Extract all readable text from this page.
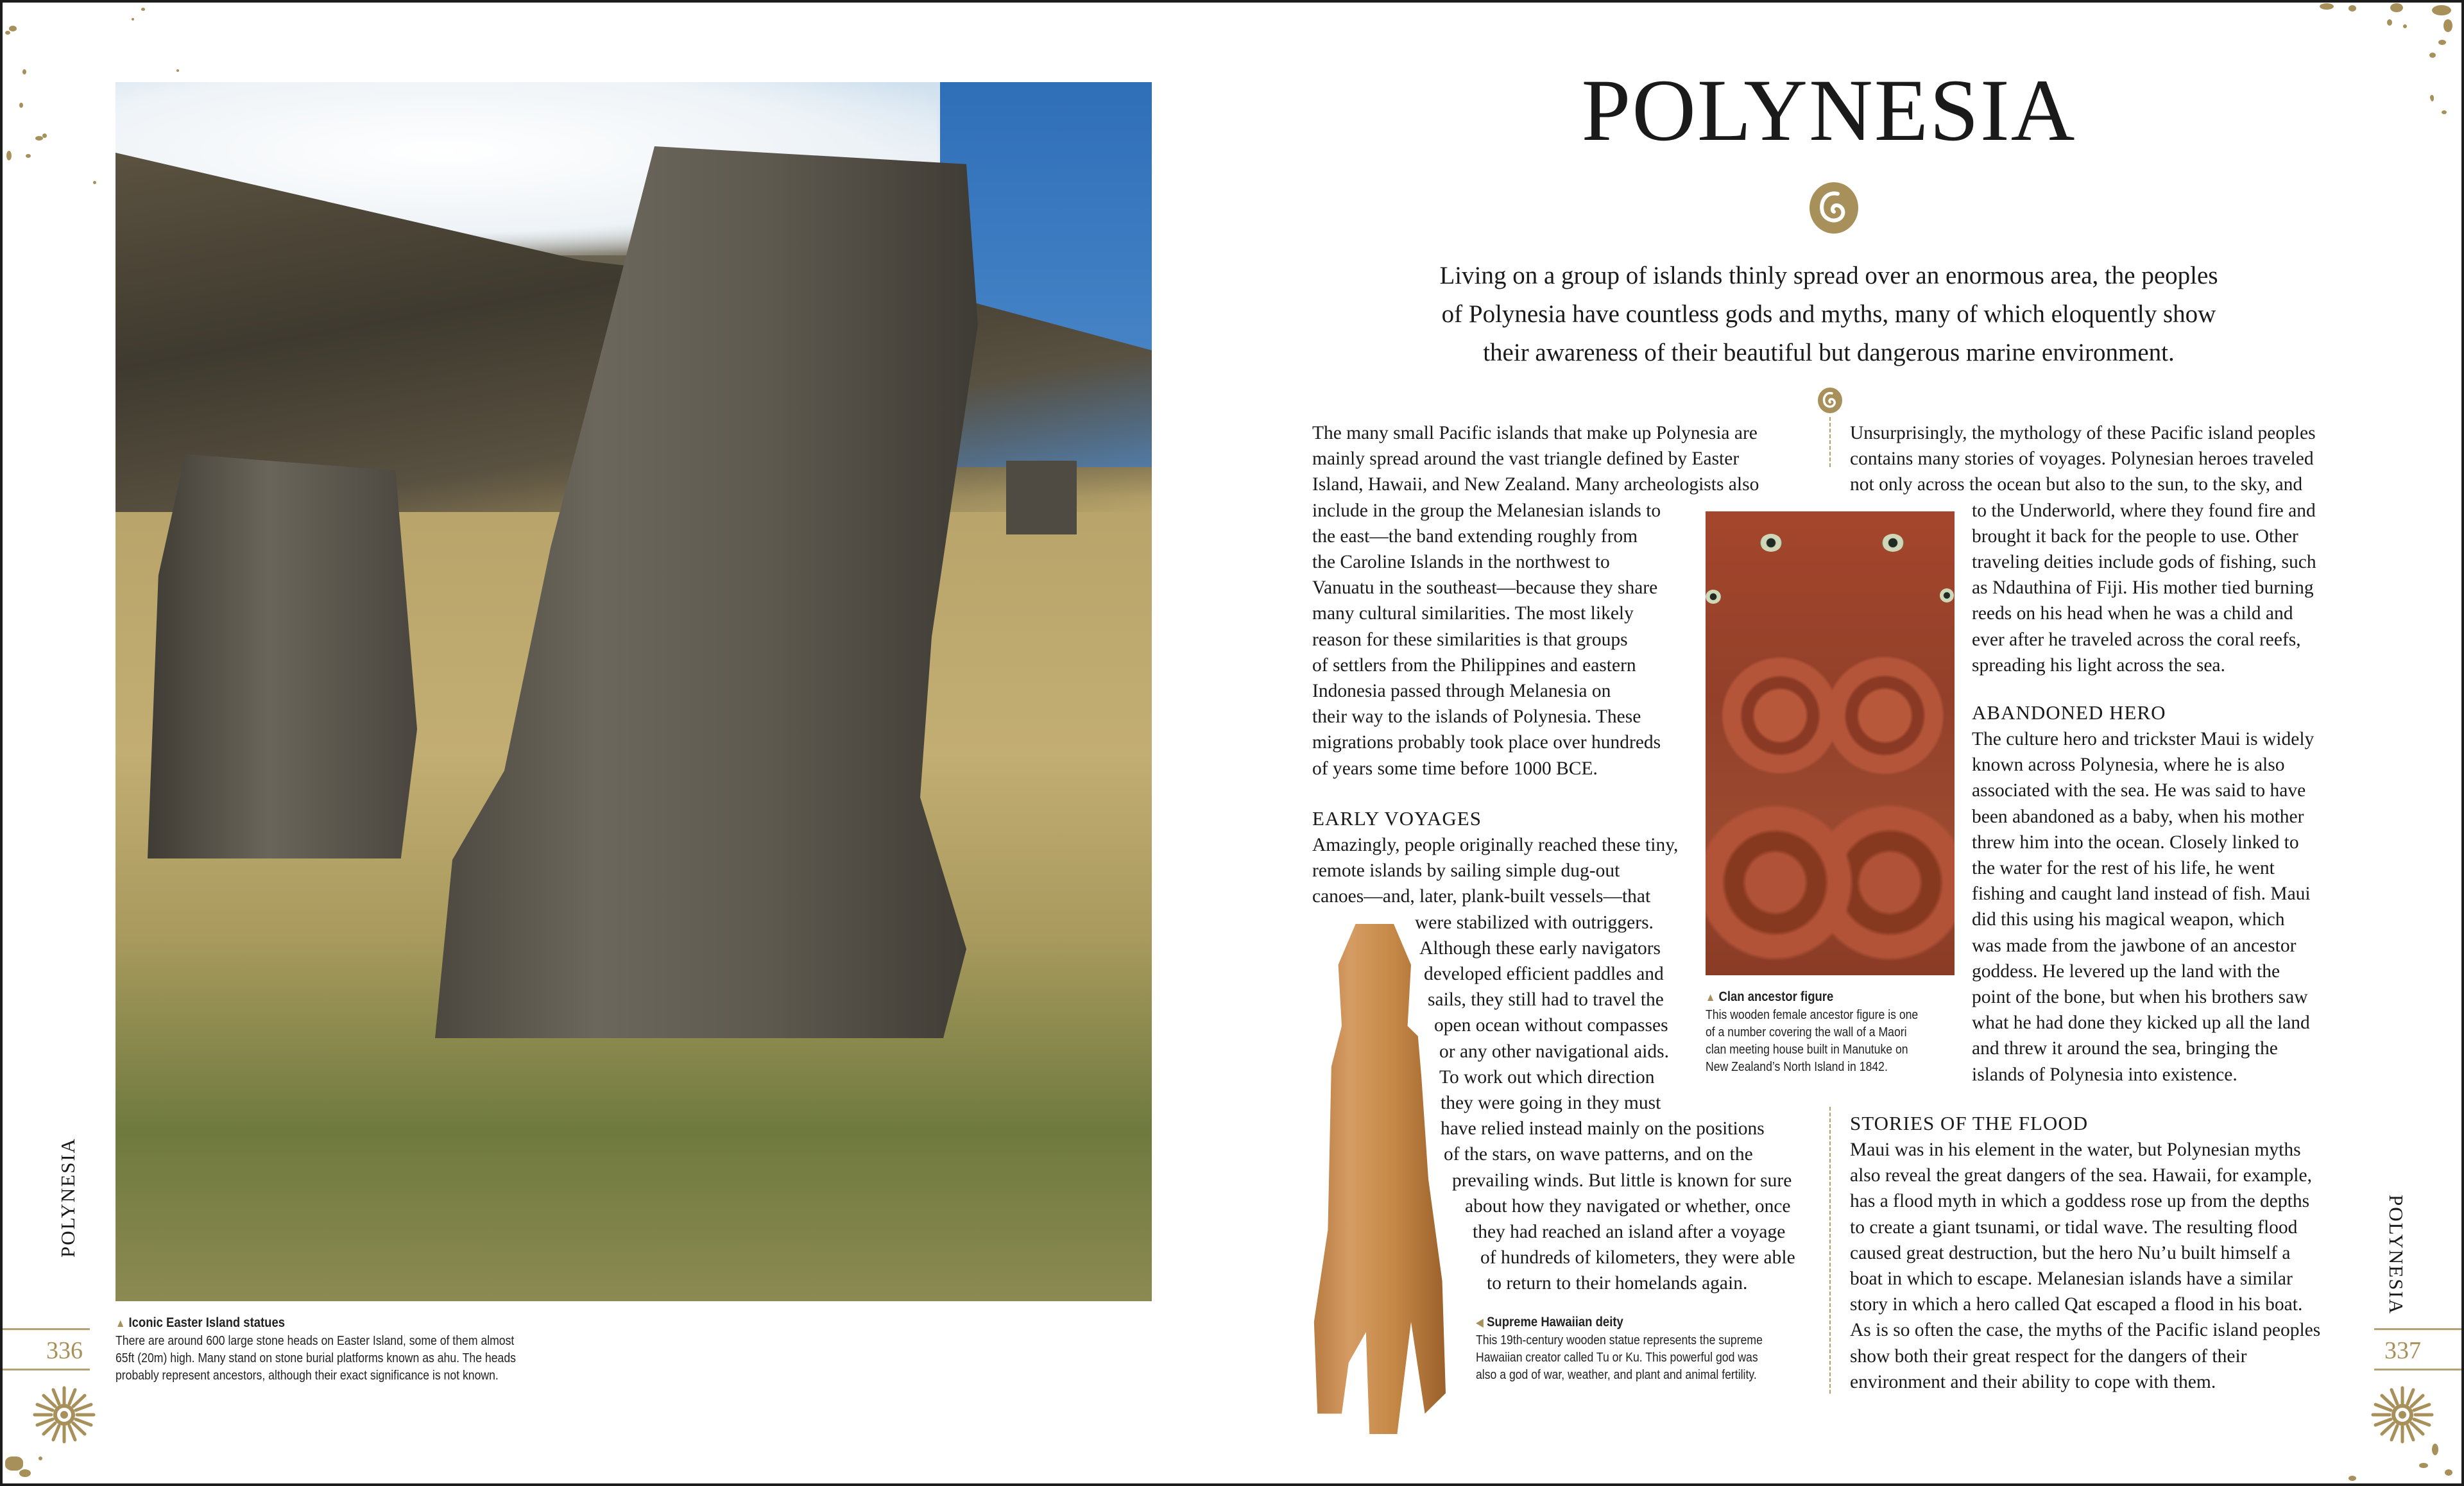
▲ Iconic Easter Island statues
There are around 600 large stone heads on Easter Island, some of them almost
65ft (20m) high. Many stand on stone burial platforms known as ahu. The heads
probably represent ancestors, although their exact significance is not known.
POLYNESIA
336
POLYNESIA
Living on a group of islands thinly spread over an enormous area, the peoples
of Polynesia have countless gods and myths, many of which eloquently show
their awareness of their beautiful but dangerous marine environment.
The many small Pacific islands that make up Polynesia are
mainly spread around the vast triangle defined by Easter
Island, Hawaii, and New Zealand. Many archeologists also
include in the group the Melanesian islands to
the east—the band extending roughly from
the Caroline Islands in the northwest to
Vanuatu in the southeast—because they share
many cultural similarities. The most likely
reason for these similarities is that groups
of settlers from the Philippines and eastern
Indonesia passed through Melanesia on
their way to the islands of Polynesia. These
migrations probably took place over hundreds
of years some time before 1000 BCE.
EARLY VOYAGES
Amazingly, people originally reached these tiny,
remote islands by sailing simple dug-out
canoes—and, later, plank-built vessels—that
were stabilized with outriggers.
Although these early navigators
developed efficient paddles and
sails, they still had to travel the
open ocean without compasses
or any other navigational aids.
To work out which direction
they were going in they must
have relied instead mainly on the positions
of the stars, on wave patterns, and on the
prevailing winds. But little is known for sure
about how they navigated or whether, once
they had reached an island after a voyage
of hundreds of kilometers, they were able
to return to their homelands again.
◀ Supreme Hawaiian deity
This 19th-century wooden statue represents the supreme
Hawaiian creator called Tu or Ku. This powerful god was
also a god of war, weather, and plant and animal fertility.
▲ Clan ancestor figure
This wooden female ancestor figure is one
of a number covering the wall of a Maori
clan meeting house built in Manutuke on
New Zealand’s North Island in 1842.
Unsurprisingly, the mythology of these Pacific island peoples
contains many stories of voyages. Polynesian heroes traveled
not only across the ocean but also to the sun, to the sky, and
to the Underworld, where they found fire and
brought it back for the people to use. Other
traveling deities include gods of fishing, such
as Ndauthina of Fiji. His mother tied burning
reeds on his head when he was a child and
ever after he traveled across the coral reefs,
spreading his light across the sea.
ABANDONED HERO
The culture hero and trickster Maui is widely
known across Polynesia, where he is also
associated with the sea. He was said to have
been abandoned as a baby, when his mother
threw him into the ocean. Closely linked to
the water for the rest of his life, he went
fishing and caught land instead of fish. Maui
did this using his magical weapon, which
was made from the jawbone of an ancestor
goddess. He levered up the land with the
point of the bone, but when his brothers saw
what he had done they kicked up all the land
and threw it around the sea, bringing the
islands of Polynesia into existence.
STORIES OF THE FLOOD
Maui was in his element in the water, but Polynesian myths
also reveal the great dangers of the sea. Hawaii, for example,
has a flood myth in which a goddess rose up from the depths
to create a giant tsunami, or tidal wave. The resulting flood
caused great destruction, but the hero Nu’u built himself a
boat in which to escape. Melanesian islands have a similar
story in which a hero called Qat escaped a flood in his boat.
As is so often the case, the myths of the Pacific island peoples
show both their great respect for the dangers of their
environment and their ability to cope with them.
POLYNESIA
337
